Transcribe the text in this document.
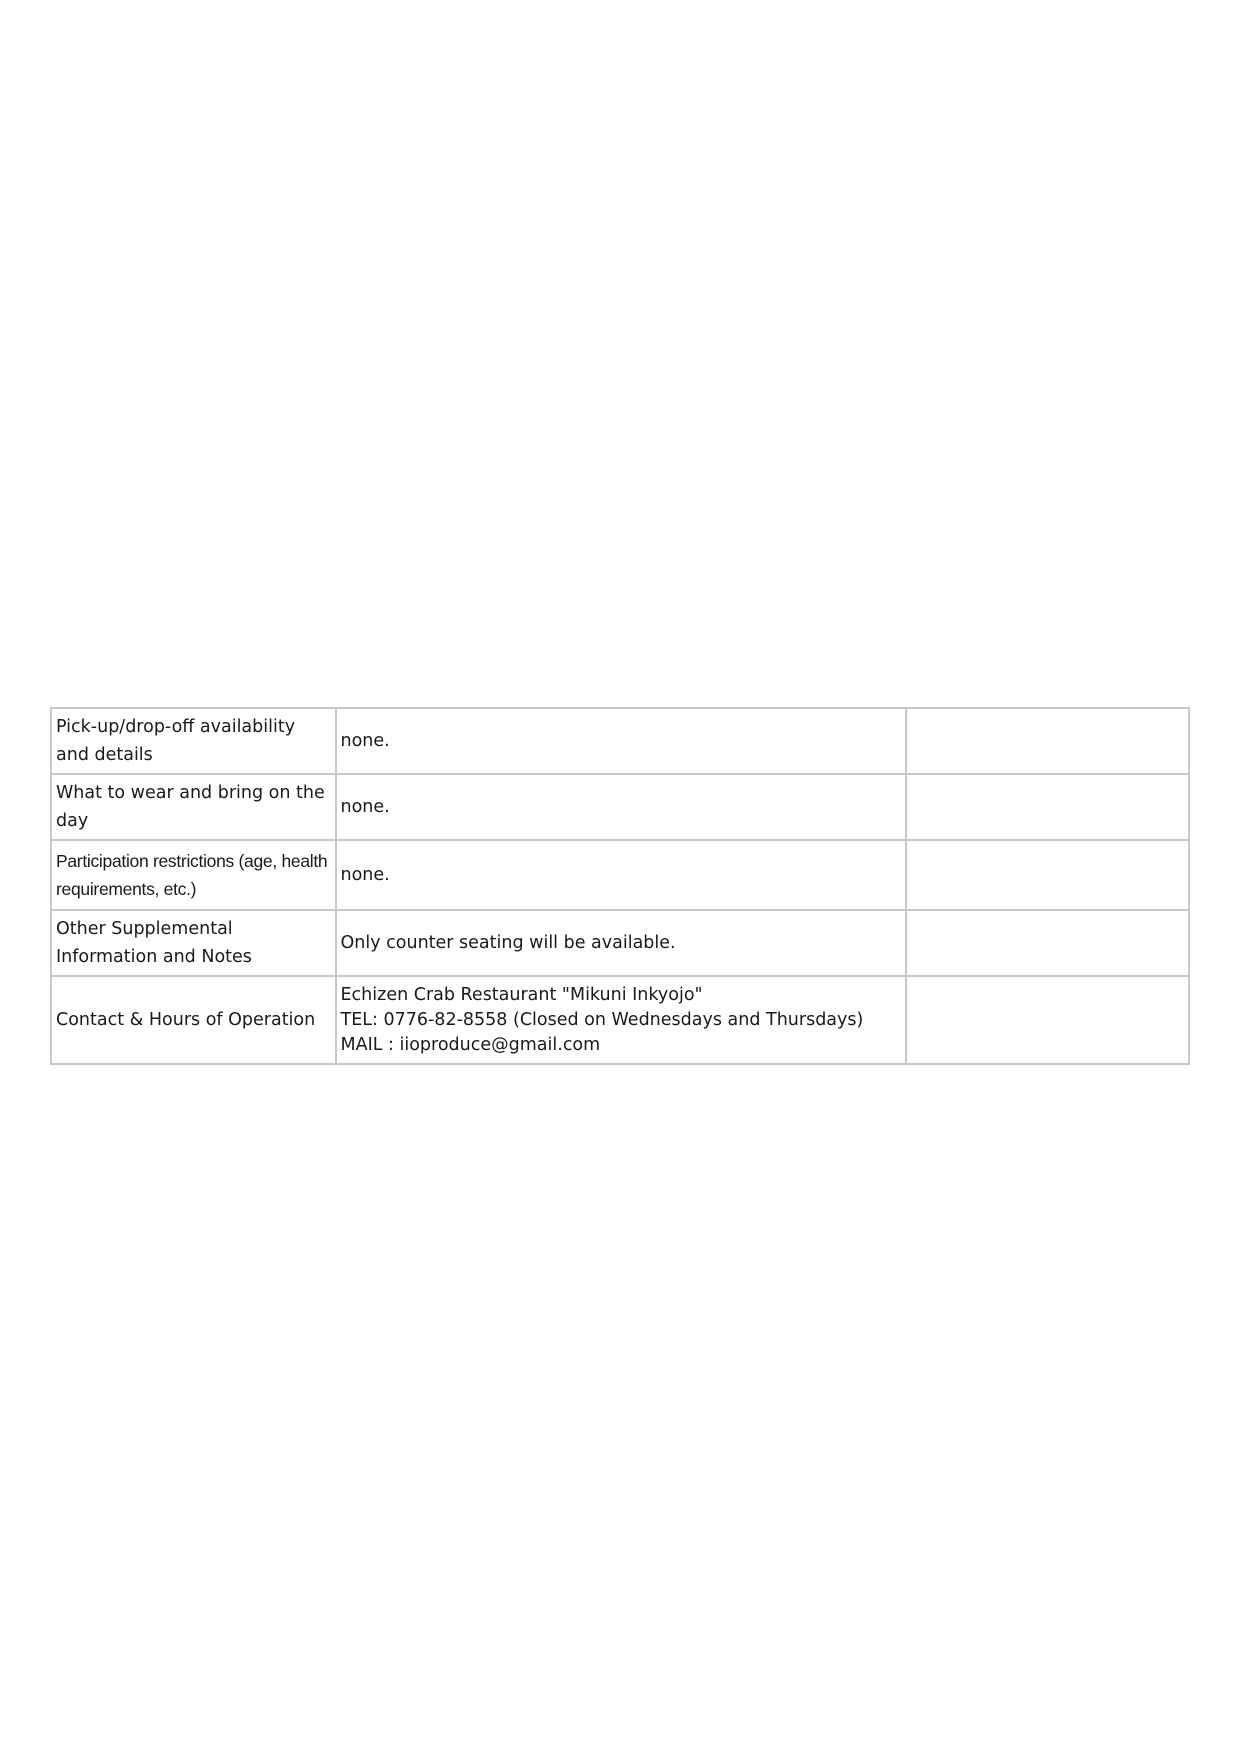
Pick-up/drop-off availability and details	none.	
What to wear and bring on the day	none.	
Participation restrictions (age, health requirements, etc.)	none.	
Other Supplemental Information and Notes	Only counter seating will be available.	
Contact & Hours of Operation	Echizen Crab Restaurant "Mikuni Inkyojo"
TEL: 0776-82-8558 (Closed on Wednesdays and Thursdays)
MAIL : iioproduce@gmail.com	
